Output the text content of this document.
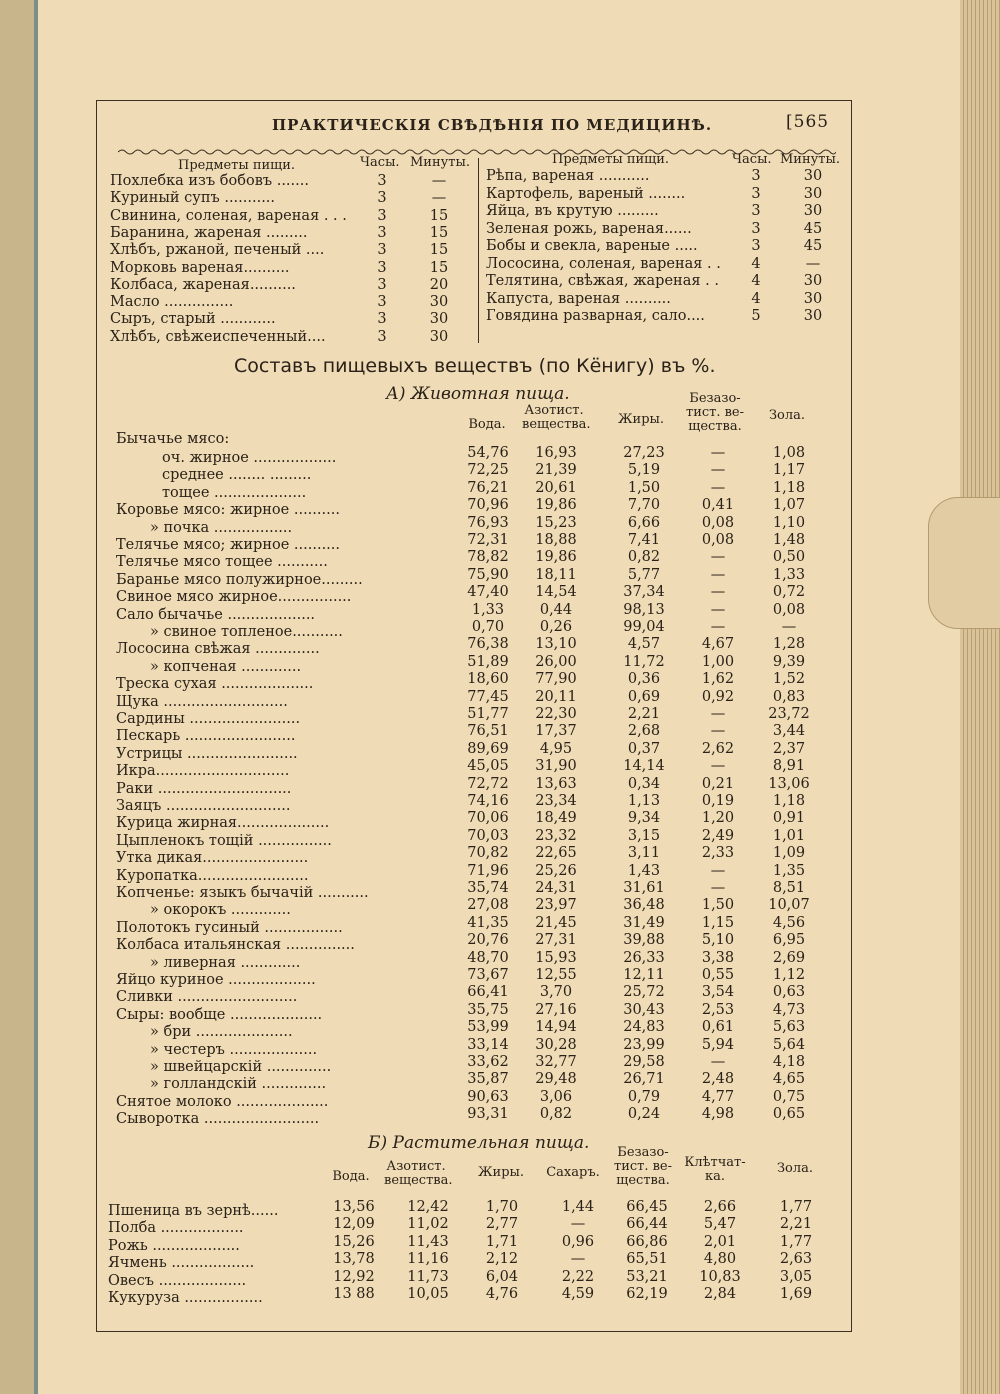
ПРАКТИЧЕСКІЯ СВѢДѢНІЯ ПО МЕДИЦИНѢ.	[565
Предметы пищи.	Часы. Минуты.	Предметы пищи.	Часы. Минуты.
Похлебка изъ бобовъ .......	3	—
Куриный супъ ...........	3	—
Свинина, соленая, вареная . . .	3	15
Баранина, жареная .........	3	15
Хлѣбъ, ржаной, печеный ....	3	15
Морковь вареная..........	3	15
Колбаса, жареная..........	3	20
Масло ...............	3	30
Сыръ, старый ............	3	30
Хлѣбъ, свѣжеиспеченный....	3	30
Рѣпа, вареная ...........	3	30
Картофель, вареный ........	3	30
Яйца, въ крутую .........	3	30
Зеленая рожь, вареная......	3	45
Бобы и свекла, вареные .....	3	45
Лососина, соленая, вареная . .	4	—
Телятина, свѣжая, жареная . .	4	30
Капуста, вареная ..........	4	30
Говядина разварная, сало....	5	30
Составъ пищевыхъ веществъ (по Кёнигу) въ %.
А) Животная пища.
Вода.
Азотист. вещества. Жиры.
Безазо- тист. ве- щества.
Зола.
Бычачье мясо:
оч. жирное ..................	54,76	16,93	27,23	—	1,08
среднее ........ .........	72,25	21,39	5,19	—	1,17
тощее ....................	76,21	20,61	1,50	—	1,18
Коровье мясо: жирное ..........	70,96	19,86	7,70	0,41	1,07
» почка .................	76,93	15,23	6,66	0,08	1,10
Телячье мясо; жирное ..........	72,31	18,88	7,41	0,08	1,48
Телячье мясо тощее ...........	78,82	19,86	0,82	—	0,50
Баранье мясо полужирное.........	75,90	18,11	5,77	—	1,33
Свиное мясо жирное................	47,40	14,54	37,34	—	0,72
Сало бычачье ...................	1,33	0,44	98,13	—	0,08
» свиное топленое...........	0,70	0,26	99,04	—	—
Лососина свѣжая ..............	76,38	13,10	4,57	4,67	1,28
» копченая .............	51,89	26,00	11,72	1,00	9,39
Треска сухая ....................	18,60	77,90	0,36	1,62	1,52
Щука ...........................	77,45	20,11	0,69	0,92	0,83
Сардины ........................	51,77	22,30	2,21	—	23,72
Пескарь ........................	76,51	17,37	2,68	—	3,44
Устрицы ........................	89,69	4,95	0,37	2,62	2,37
Икра.............................	45,05	31,90	14,14	—	8,91
Раки .............................	72,72	13,63	0,34	0,21	13,06
Заяцъ ...........................	74,16	23,34	1,13	0,19	1,18
Курица жирная....................	70,06	18,49	9,34	1,20	0,91
Цыпленокъ тощій ................	70,03	23,32	3,15	2,49	1,01
Утка дикая.......................	70,82	22,65	3,11	2,33	1,09
Куропатка........................	71,96	25,26	1,43	—	1,35
Копченье: языкъ бычачій ...........	35,74	24,31	31,61	—	8,51
» окорокъ .............	27,08	23,97	36,48	1,50	10,07
Полотокъ гусиный .................	41,35	21,45	31,49	1,15	4,56
Колбаса итальянская ...............	20,76	27,31	39,88	5,10	6,95
» ливерная .............	48,70	15,93	26,33	3,38	2,69
Яйцо куриное ...................	73,67	12,55	12,11	0,55	1,12
Сливки ..........................	66,41	3,70	25,72	3,54	0,63
Сыры: вообще ....................	35,75	27,16	30,43	2,53	4,73
» бри .....................	53,99	14,94	24,83	0,61	5,63
» честеръ ...................	33,14	30,28	23,99	5,94	5,64
» швейцарскій ..............	33,62	32,77	29,58	—	4,18
» голландскій ..............	35,87	29,48	26,71	2,48	4,65
Снятое молоко ....................	90,63	3,06	0,79	4,77	0,75
Сыворотка .........................	93,31	0,82	0,24	4,98	0,65
Б) Растительная пища.
Вода.
Азотист. вещества.
Жиры.	Сахаръ.
Безазо- тист. ве- щества.
Клѣтчат- ка.
Зола.
Пшеница въ зернѣ......	13,56	12,42	1,70	1,44	66,45	2,66	1,77
Полба ..................	12,09	11,02	2,77	—	66,44	5,47	2,21
Рожь ...................	15,26	11,43	1,71	0,96	66,86	2,01	1,77
Ячмень ..................	13,78	11,16	2,12	—	65,51	4,80	2,63
Овесъ ...................	12,92	11,73	6,04	2,22	53,21	10,83	3,05
Кукуруза .................	13 88	10,05	4,76	4,59	62,19	2,84	1,69
